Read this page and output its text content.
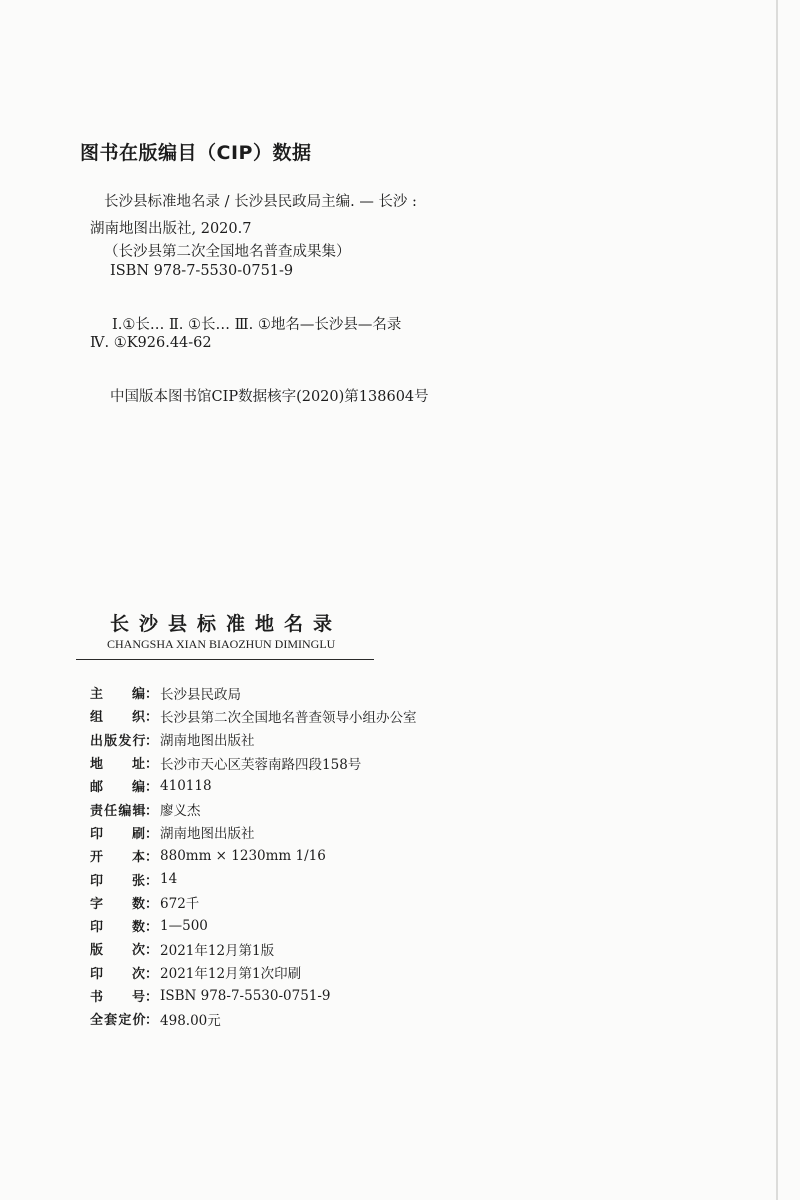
图书在版编目（CIP）数据
长沙县标准地名录 / 长沙县民政局主编. — 长沙 :
湖南地图出版社, 2020.7
（长沙县第二次全国地名普查成果集）
ISBN 978-7-5530-0751-9
Ⅰ.①长… Ⅱ. ①长… Ⅲ. ①地名—长沙县—名录
Ⅳ. ①K926.44-62
中国版本图书馆CIP数据核字(2020)第138604号
长沙县标准地名录
CHANGSHA XIAN BIAOZHUN DIMINGLU
主编 ： 长沙县民政局
组织 ： 长沙县第二次全国地名普查领导小组办公室
出版发行 ： 湖南地图出版社
地址 ： 长沙市天心区芙蓉南路四段158号
邮编 ： 410118
责任编辑 ： 廖义杰
印刷 ： 湖南地图出版社
开本 ： 880mm × 1230mm 1/16
印张 ： 14
字数 ： 672千
印数 ： 1—500
版次 ： 2021年12月第1版
印次 ： 2021年12月第1次印刷
书号 ： ISBN 978-7-5530-0751-9
全套定价 ： 498.00元
